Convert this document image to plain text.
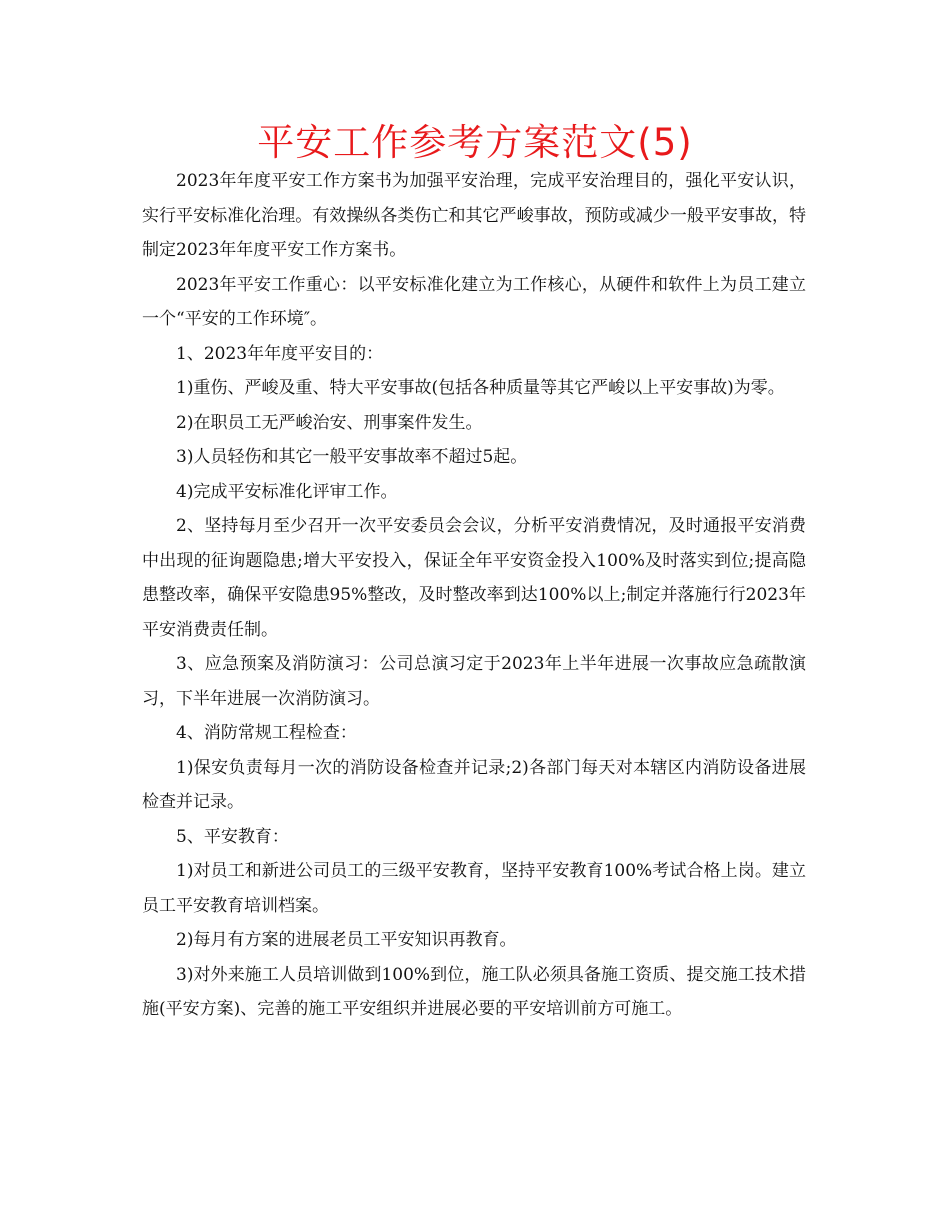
平安工作参考方案范文(5)

2023年年度平安工作方案书为加强平安治理，完成平安治理目的，强化平安认识，实行平安标准化治理。有效操纵各类伤亡和其它严峻事故，预防或减少一般平安事故，特制定2023年年度平安工作方案书。

2023年平安工作重心：以平安标准化建立为工作核心，从硬件和软件上为员工建立一个“平安的工作环境″。

1、2023年年度平安目的：

1)重伤、严峻及重、特大平安事故(包括各种质量等其它严峻以上平安事故)为零。

2)在职员工无严峻治安、刑事案件发生。

3)人员轻伤和其它一般平安事故率不超过5起。

4)完成平安标准化评审工作。

2、坚持每月至少召开一次平安委员会会议，分析平安消费情况，及时通报平安消费中出现的征询题隐患;增大平安投入，保证全年平安资金投入100%及时落实到位;提高隐患整改率，确保平安隐患95%整改，及时整改率到达100%以上;制定并落施行行2023年平安消费责任制。

3、应急预案及消防演习：公司总演习定于2023年上半年进展一次事故应急疏散演习，下半年进展一次消防演习。

4、消防常规工程检查：

1)保安负责每月一次的消防设备检查并记录;2)各部门每天对本辖区内消防设备进展检查并记录。

5、平安教育：

1)对员工和新进公司员工的三级平安教育，坚持平安教育100%考试合格上岗。建立员工平安教育培训档案。

2)每月有方案的进展老员工平安知识再教育。

3)对外来施工人员培训做到100%到位，施工队必须具备施工资质、提交施工技术措施(平安方案)、完善的施工平安组织并进展必要的平安培训前方可施工。
